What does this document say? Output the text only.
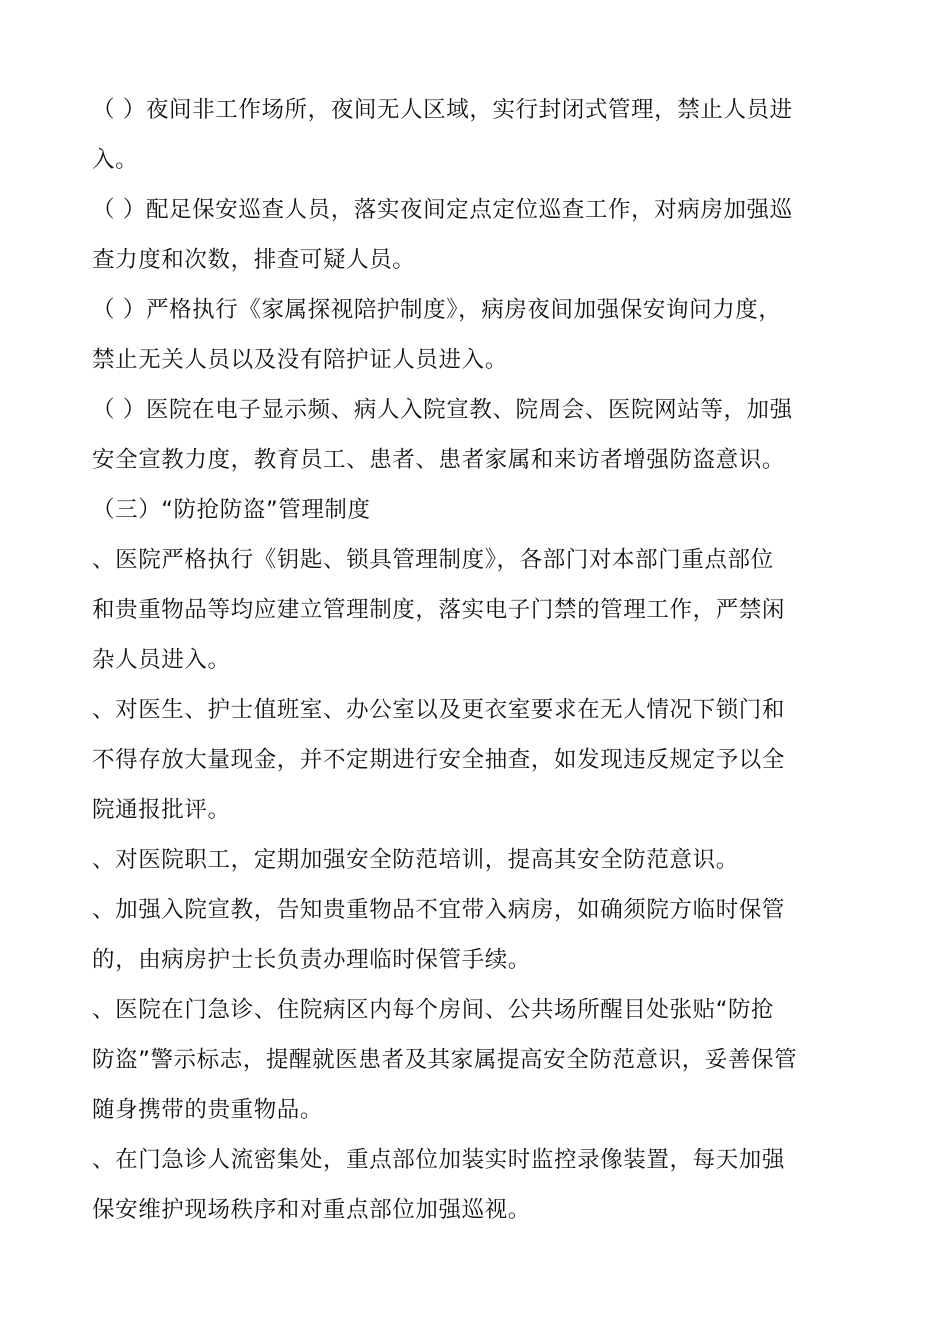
（ ）夜间非工作场所，夜间无人区域，实行封闭式管理，禁止人员进
入。
（ ）配足保安巡查人员，落实夜间定点定位巡查工作，对病房加强巡
查力度和次数，排查可疑人员。
（ ）严格执行《家属探视陪护制度》，病房夜间加强保安询问力度，
禁止无关人员以及没有陪护证人员进入。
（ ）医院在电子显示频、病人入院宣教、院周会、医院网站等，加强
安全宣教力度，教育员工、患者、患者家属和来访者增强防盗意识。
（三）“防抢防盗”管理制度
、医院严格执行《钥匙、锁具管理制度》，各部门对本部门重点部位
和贵重物品等均应建立管理制度，落实电子门禁的管理工作，严禁闲
杂人员进入。
、对医生、护士值班室、办公室以及更衣室要求在无人情况下锁门和
不得存放大量现金，并不定期进行安全抽查，如发现违反规定予以全
院通报批评。
、对医院职工，定期加强安全防范培训，提高其安全防范意识。
、加强入院宣教，告知贵重物品不宜带入病房，如确须院方临时保管
的，由病房护士长负责办理临时保管手续。
、医院在门急诊、住院病区内每个房间、公共场所醒目处张贴“防抢
防盗”警示标志，提醒就医患者及其家属提高安全防范意识，妥善保管
随身携带的贵重物品。
、在门急诊人流密集处，重点部位加装实时监控录像装置，每天加强
保安维护现场秩序和对重点部位加强巡视。
